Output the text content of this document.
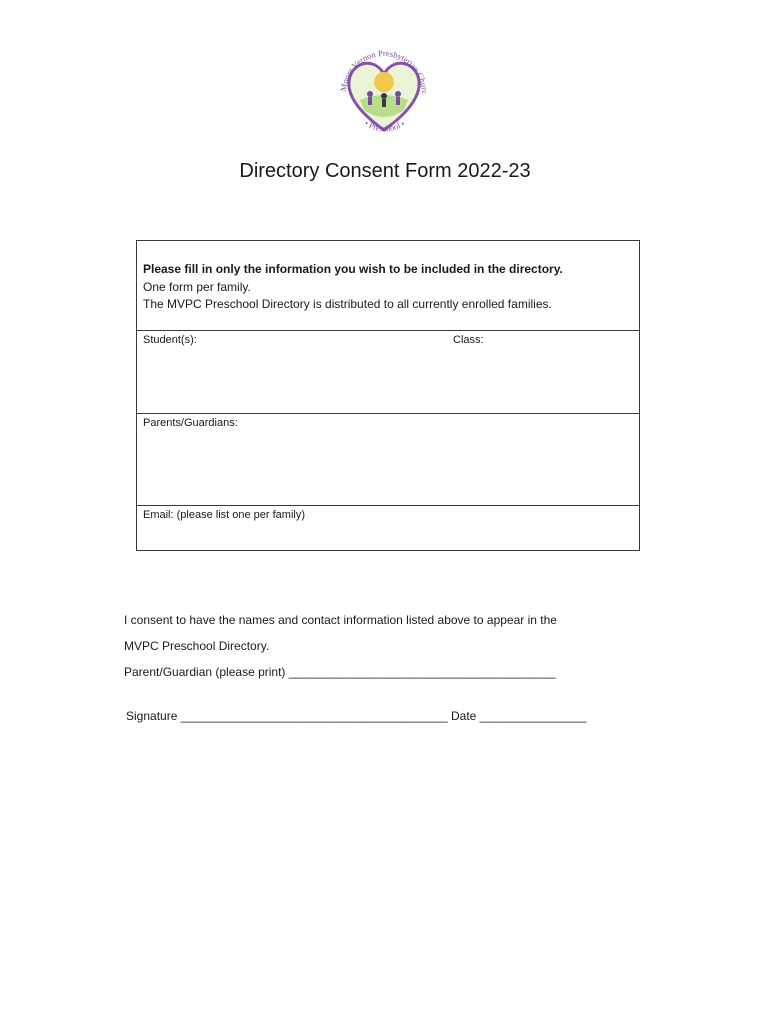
Mount Vernon Presbyterian Churc
• Preschool •
Directory Consent Form 2022-23
Please fill in only the information you wish to be included in the directory.
One form per family.
The MVPC Preschool Directory is distributed to all currently enrolled families.
Student(s):	Class:
Parents/Guardians:
Email: (please list one per family)
I consent to have the names and contact information listed above to appear in the
MVPC Preschool Directory.
Parent/Guardian (please print) ________________________________________
Signature ________________________________________ Date ________________
